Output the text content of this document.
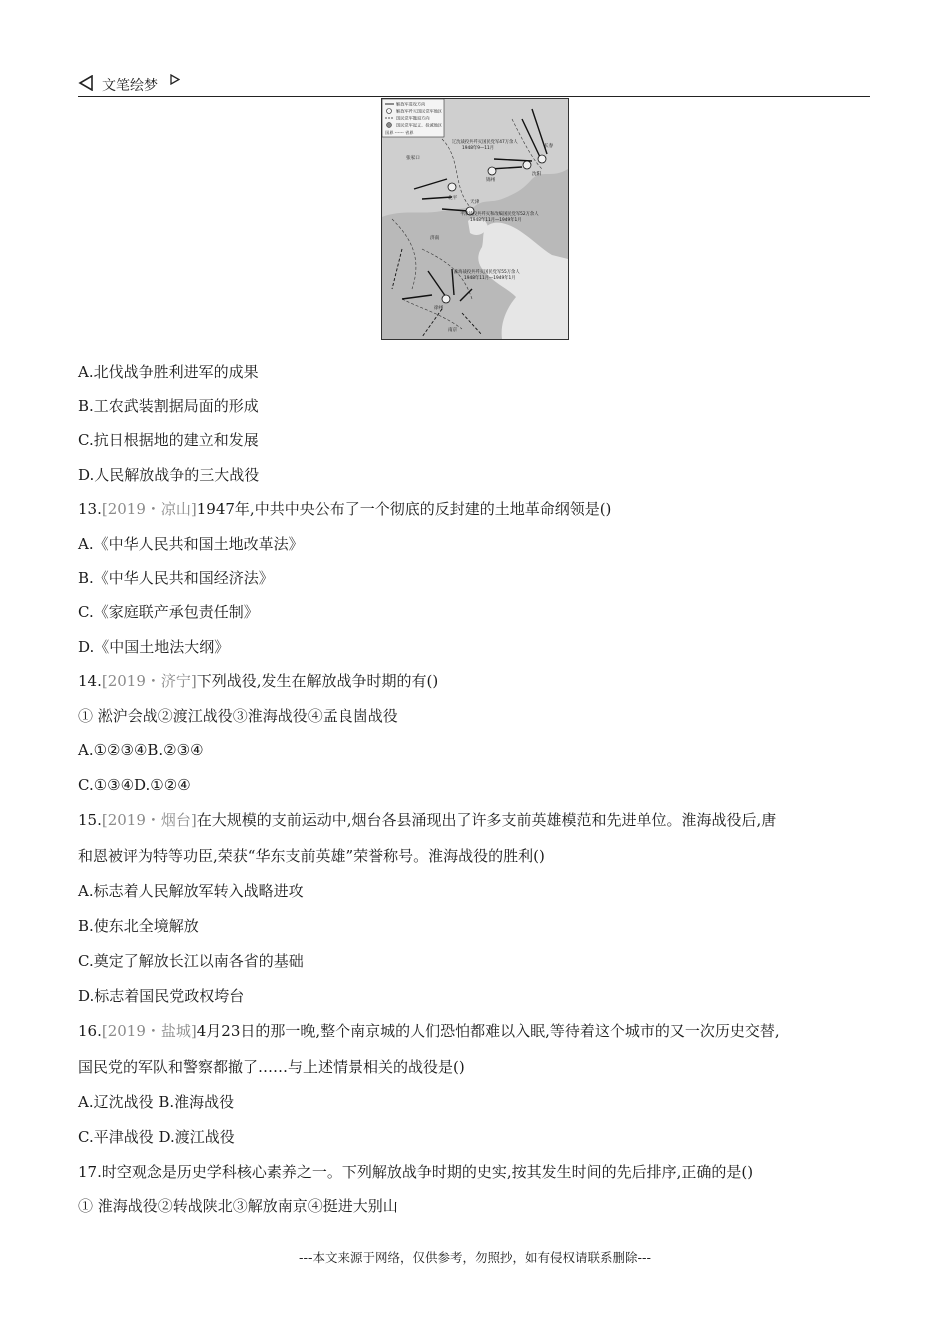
文笔绘梦
解放军进攻方向
解放军歼灭国民党军地区
国民党军撤退方向
国民党军起义、投诚地区
国界 ------ 省界
辽沈战役共歼灭国民党军47万余人
1948年9—11月
平津战役共歼灭和改编国民党军52万余人
1948年11月—1949年1月
淮海战役共歼灭国民党军55万余人
1948年11月—1949年1月
张家口
北平
天津
锦州
沈阳
长春
徐州
济南
南京
A.北伐战争胜利进军的成果
B.工农武装割据局面的形成
C.抗日根据地的建立和发展
D.人民解放战争的三大战役
13.[2019・凉山]1947年,中共中央公布了一个彻底的反封建的土地革命纲领是()
A.《中华人民共和国土地改革法》
B.《中华人民共和国经济法》
C.《家庭联产承包责任制》
D.《中国土地法大纲》
14.[2019・济宁]下列战役,发生在解放战争时期的有()
① 淞沪会战②渡江战役③淮海战役④孟良崮战役
A.①②③④B.②③④
C.①③④D.①②④
15.[2019・烟台]在大规模的支前运动中,烟台各县涌现出了许多支前英雄模范和先进单位。淮海战役后,唐
和恩被评为特等功臣,荣获“华东支前英雄”荣誉称号。淮海战役的胜利()
A.标志着人民解放军转入战略进攻
B.使东北全境解放
C.奠定了解放长江以南各省的基础
D.标志着国民党政权垮台
16.[2019・盐城]4月23日的那一晚,整个南京城的人们恐怕都难以入眠,等待着这个城市的又一次历史交替,
国民党的军队和警察都撤了……与上述情景相关的战役是()
A.辽沈战役 B.淮海战役
C.平津战役 D.渡江战役
17.时空观念是历史学科核心素养之一。下列解放战争时期的史实,按其发生时间的先后排序,正确的是()
① 淮海战役②转战陕北③解放南京④挺进大别山
---本文来源于网络，仅供参考，勿照抄，如有侵权请联系删除---
